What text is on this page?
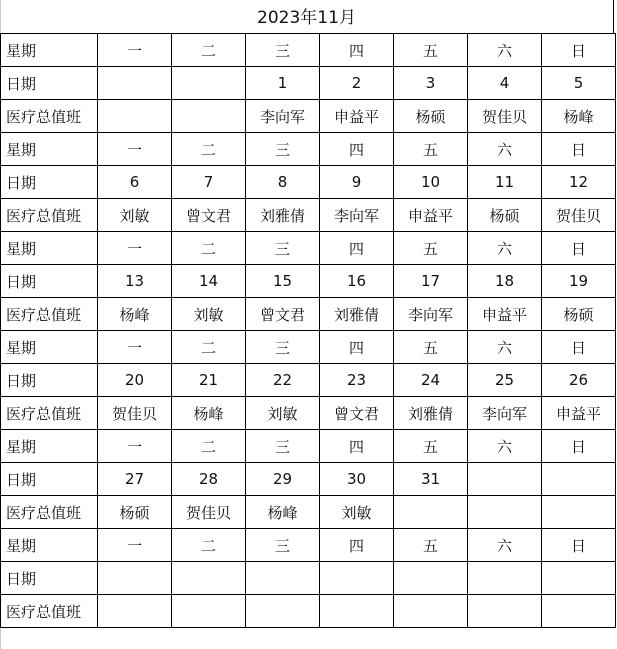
2023年11月
星期	一	二	三	四	五	六	日
日期			1	2	3	4	5
医疗总值班			李向军	申益平	杨硕	贺佳贝	杨峰
星期	一	二	三	四	五	六	日
日期	6	7	8	9	10	11	12
医疗总值班	刘敏	曾文君	刘雅倩	李向军	申益平	杨硕	贺佳贝
星期	一	二	三	四	五	六	日
日期	13	14	15	16	17	18	19
医疗总值班	杨峰	刘敏	曾文君	刘雅倩	李向军	申益平	杨硕
星期	一	二	三	四	五	六	日
日期	20	21	22	23	24	25	26
医疗总值班	贺佳贝	杨峰	刘敏	曾文君	刘雅倩	李向军	申益平
星期	一	二	三	四	五	六	日
日期	27	28	29	30	31		
医疗总值班	杨硕	贺佳贝	杨峰	刘敏			
星期	一	二	三	四	五	六	日
日期							
医疗总值班							
